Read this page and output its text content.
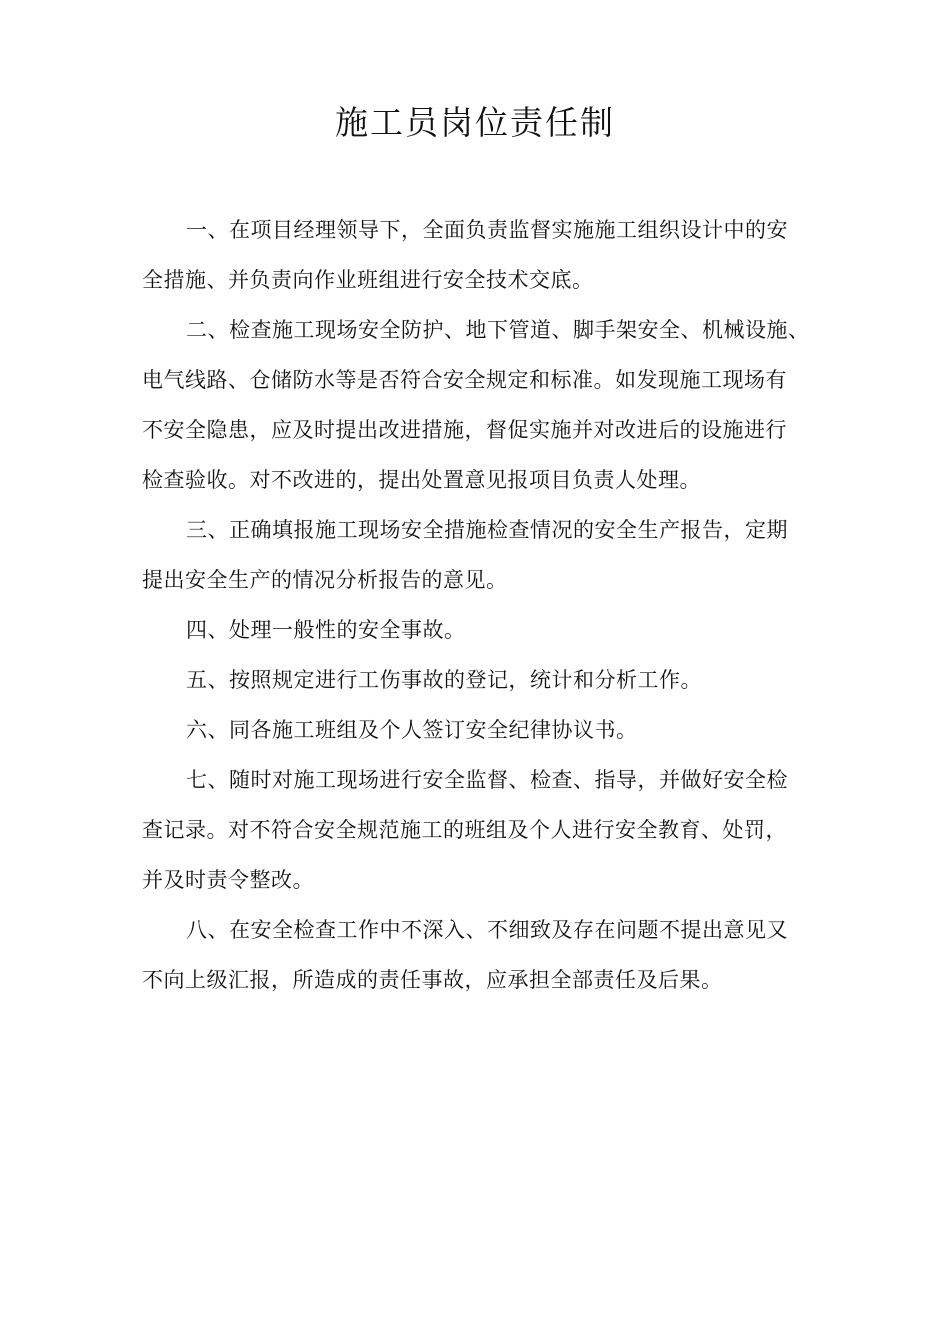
施工员岗位责任制

一、在项目经理领导下，全面负责监督实施施工组织设计中的安
全措施、并负责向作业班组进行安全技术交底。

二、检查施工现场安全防护、地下管道、脚手架安全、机械设施、
电气线路、仓储防水等是否符合安全规定和标准。如发现施工现场有
不安全隐患，应及时提出改进措施，督促实施并对改进后的设施进行
检查验收。对不改进的，提出处置意见报项目负责人处理。

三、正确填报施工现场安全措施检查情况的安全生产报告，定期
提出安全生产的情况分析报告的意见。

四、处理一般性的安全事故。

五、按照规定进行工伤事故的登记，统计和分析工作。

六、同各施工班组及个人签订安全纪律协议书。

七、随时对施工现场进行安全监督、检查、指导，并做好安全检
查记录。对不符合安全规范施工的班组及个人进行安全教育、处罚，
并及时责令整改。

八、在安全检查工作中不深入、不细致及存在问题不提出意见又
不向上级汇报，所造成的责任事故，应承担全部责任及后果。
